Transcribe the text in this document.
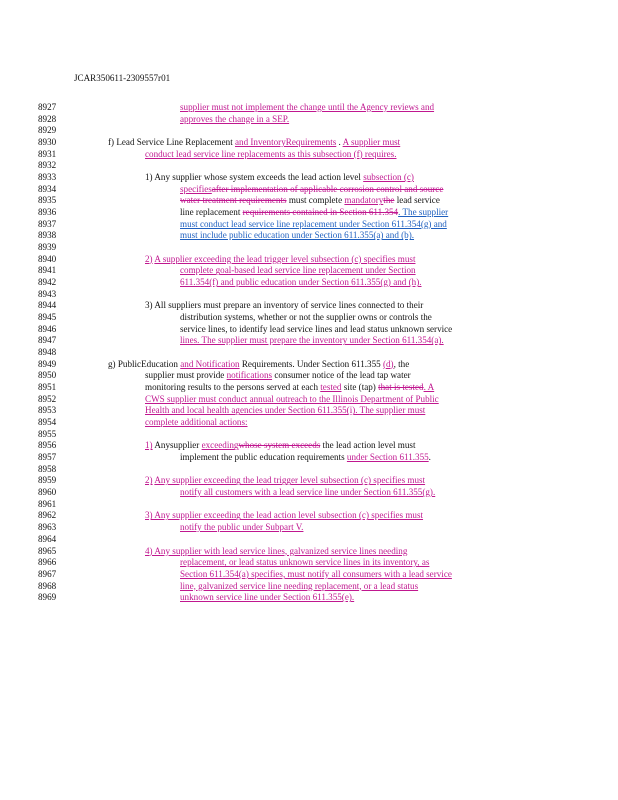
JCAR350611-2309557r01
8927	supplier must not implement the change until the Agency reviews and
8928	approves the change in a SEP.
8929
8930	f) Lead Service Line Replacement and InventoryRequirements . A supplier must
8931	conduct lead service line replacements as this subsection (f) requires.
8932
8933	1) Any supplier whose system exceeds the lead action level subsection (c)
8934	specifiesafter implementation of applicable corrosion control and source
8935	water treatment requirements must complete mandatorythe lead service
8936	line replacement requirements contained in Section 611.354. The supplier
8937	must conduct lead service line replacement under Section 611.354(g) and
8938	must include public education under Section 611.355(a) and (b).
8939
8940	2) A supplier exceeding the lead trigger level subsection (c) specifies must
8941	complete goal-based lead service line replacement under Section
8942	611.354(f) and public education under Section 611.355(g) and (h).
8943
8944	3) All suppliers must prepare an inventory of service lines connected to their
8945	distribution systems, whether or not the supplier owns or controls the
8946	service lines, to identify lead service lines and lead status unknown service
8947	lines. The supplier must prepare the inventory under Section 611.354(a).
8948
8949	g) PublicEducation and Notification Requirements. Under Section 611.355 (d), the
8950	supplier must provide notifications consumer notice of the lead tap water
8951	monitoring results to the persons served at each tested site (tap) that is tested. A
8952	CWS supplier must conduct annual outreach to the Illinois Department of Public
8953	Health and local health agencies under Section 611.355(i). The supplier must
8954	complete additional actions:
8955
8956	1) Anysupplier exceedingwhose system exceeds the lead action level must
8957	implement the public education requirements under Section 611.355.
8958
8959	2) Any supplier exceeding the lead trigger level subsection (c) specifies must
8960	notify all customers with a lead service line under Section 611.355(g).
8961
8962	3) Any supplier exceeding the lead action level subsection (c) specifies must
8963	notify the public under Subpart V.
8964
8965	4) Any supplier with lead service lines, galvanized service lines needing
8966	replacement, or lead status unknown service lines in its inventory, as
8967	Section 611.354(a) specifies, must notify all consumers with a lead service
8968	line, galvanized service line needing replacement, or a lead status
8969	unknown service line under Section 611.355(e).
